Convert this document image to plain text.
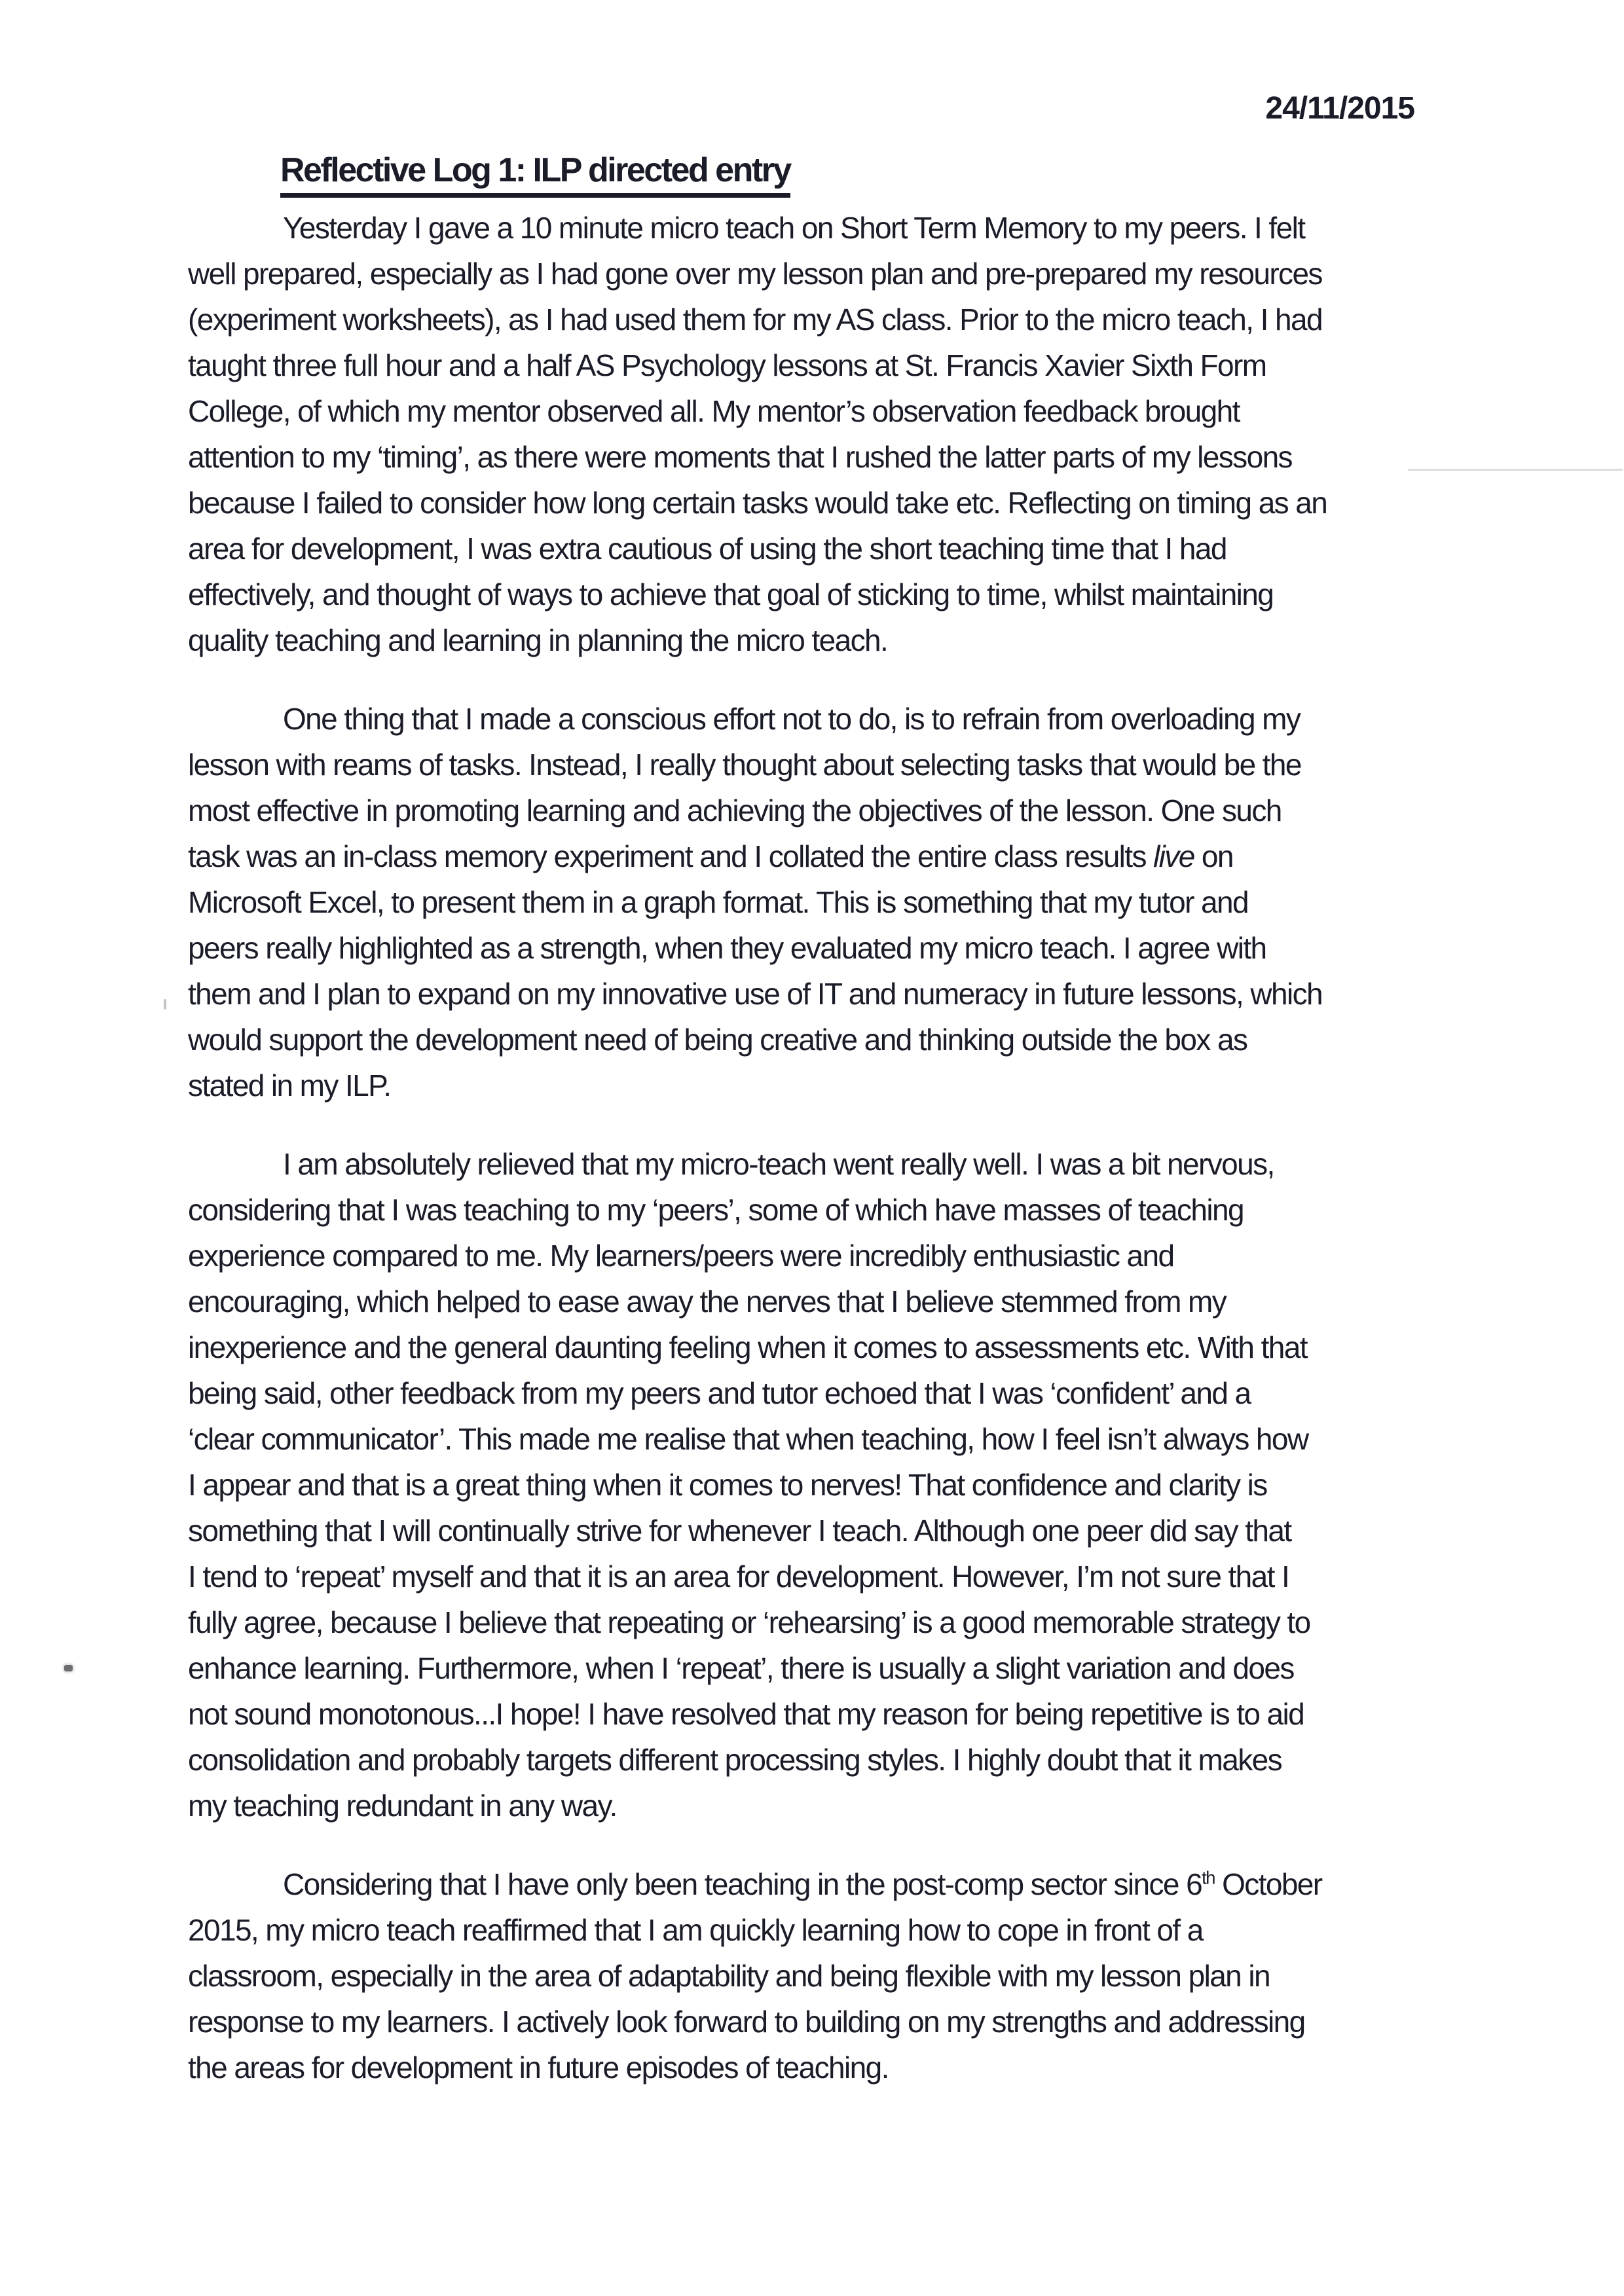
24/11/2015
Reflective Log 1: ILP directed entry

Yesterday I gave a 10 minute micro teach on Short Term Memory to my peers. I felt
well prepared, especially as I had gone over my lesson plan and pre-prepared my resources
(experiment worksheets), as I had used them for my AS class. Prior to the micro teach, I had
taught three full hour and a half AS Psychology lessons at St. Francis Xavier Sixth Form
College, of which my mentor observed all. My mentor’s observation feedback brought
attention to my ‘timing’, as there were moments that I rushed the latter parts of my lessons
because I failed to consider how long certain tasks would take etc. Reflecting on timing as an
area for development, I was extra cautious of using the short teaching time that I had
effectively, and thought of ways to achieve that goal of sticking to time, whilst maintaining
quality teaching and learning in planning the micro teach.

One thing that I made a conscious effort not to do, is to refrain from overloading my
lesson with reams of tasks. Instead, I really thought about selecting tasks that would be the
most effective in promoting learning and achieving the objectives of the lesson. One such
task was an in-class memory experiment and I collated the entire class results live on
Microsoft Excel, to present them in a graph format. This is something that my tutor and
peers really highlighted as a strength, when they evaluated my micro teach. I agree with
them and I plan to expand on my innovative use of IT and numeracy in future lessons, which
would support the development need of being creative and thinking outside the box as
stated in my ILP.

I am absolutely relieved that my micro-teach went really well. I was a bit nervous,
considering that I was teaching to my ‘peers’, some of which have masses of teaching
experience compared to me. My learners/peers were incredibly enthusiastic and
encouraging, which helped to ease away the nerves that I believe stemmed from my
inexperience and the general daunting feeling when it comes to assessments etc. With that
being said, other feedback from my peers and tutor echoed that I was ‘confident’ and a
‘clear communicator’. This made me realise that when teaching, how I feel isn’t always how
I appear and that is a great thing when it comes to nerves! That confidence and clarity is
something that I will continually strive for whenever I teach. Although one peer did say that
I tend to ‘repeat’ myself and that it is an area for development. However, I’m not sure that I
fully agree, because I believe that repeating or ‘rehearsing’ is a good memorable strategy to
enhance learning. Furthermore, when I ‘repeat’, there is usually a slight variation and does
not sound monotonous...I hope! I have resolved that my reason for being repetitive is to aid
consolidation and probably targets different processing styles. I highly doubt that it makes
my teaching redundant in any way.

Considering that I have only been teaching in the post-comp sector since 6th October
2015, my micro teach reaffirmed that I am quickly learning how to cope in front of a
classroom, especially in the area of adaptability and being flexible with my lesson plan in
response to my learners. I actively look forward to building on my strengths and addressing
the areas for development in future episodes of teaching.
